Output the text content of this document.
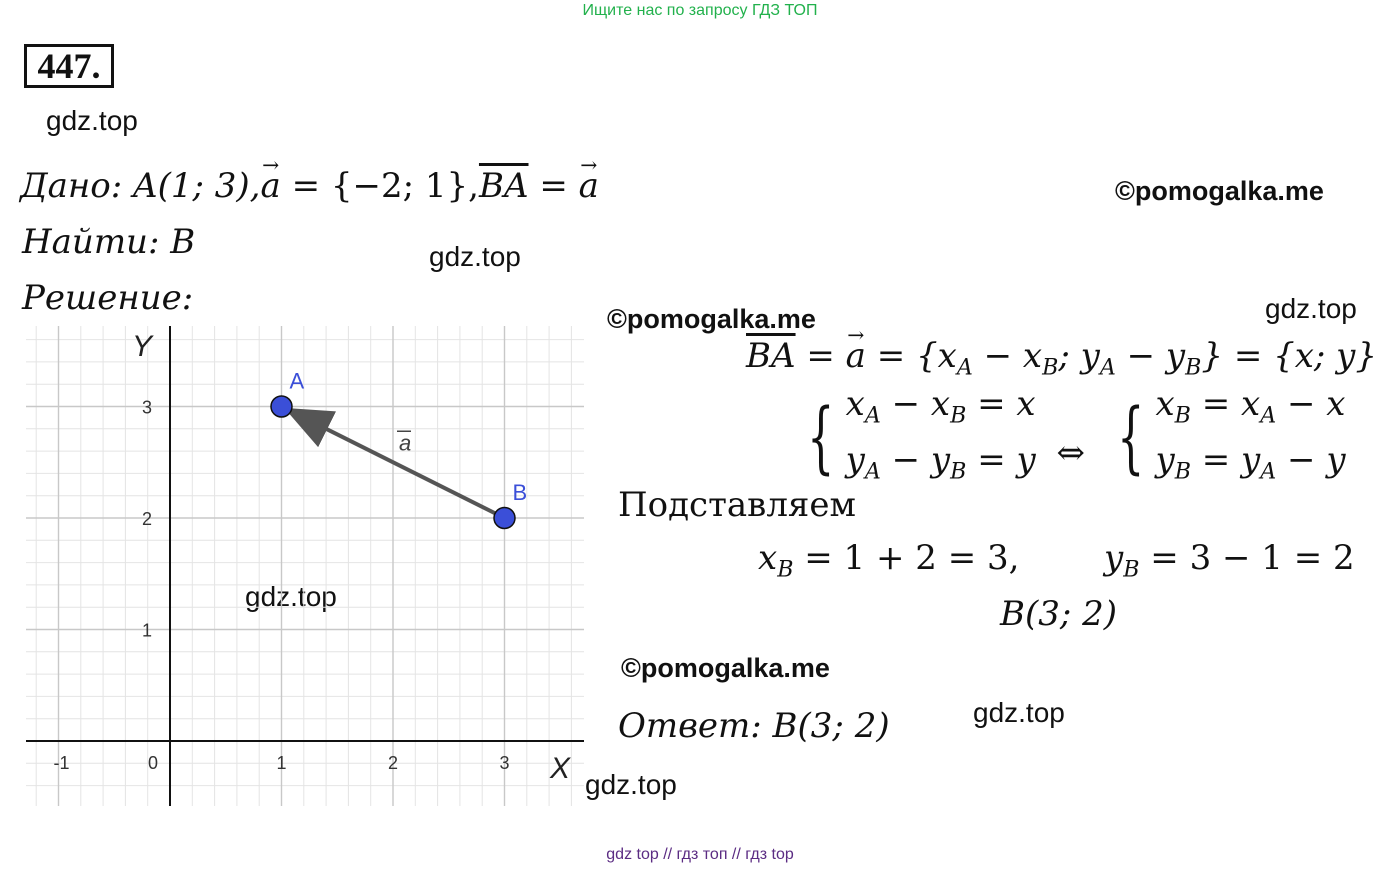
Ищите нас по запросу ГДЗ ТОП
447.
gdz.top
gdz.top
gdz.top
gdz.top
gdz.top
gdz.top
©pomogalka.me
©pomogalka.me
©pomogalka.me
Дано: A(1; 3),→ a = {−2; $1\},\overline{BA}$ = → a
Найти: B
Решение:
X
Y
-1	0	1	2	3
1
2
3
a
A
B
$\overline{BA}$ = → $a = \{x_A - x_B$; $y_A - y_B\} = \{x$; y}
{ $x_A - x_B = x$
$y_A - y_B = y$ ⇔ { $x_B = x_A - x$
$y_B = y_A - y$
Подставляем
$x_B = 1 + 2 = 3$, $y_B = 3 - 1 = 2$
B(3; 2)
Ответ: B(3; 2)
gdz top // гдз топ // гдз top
